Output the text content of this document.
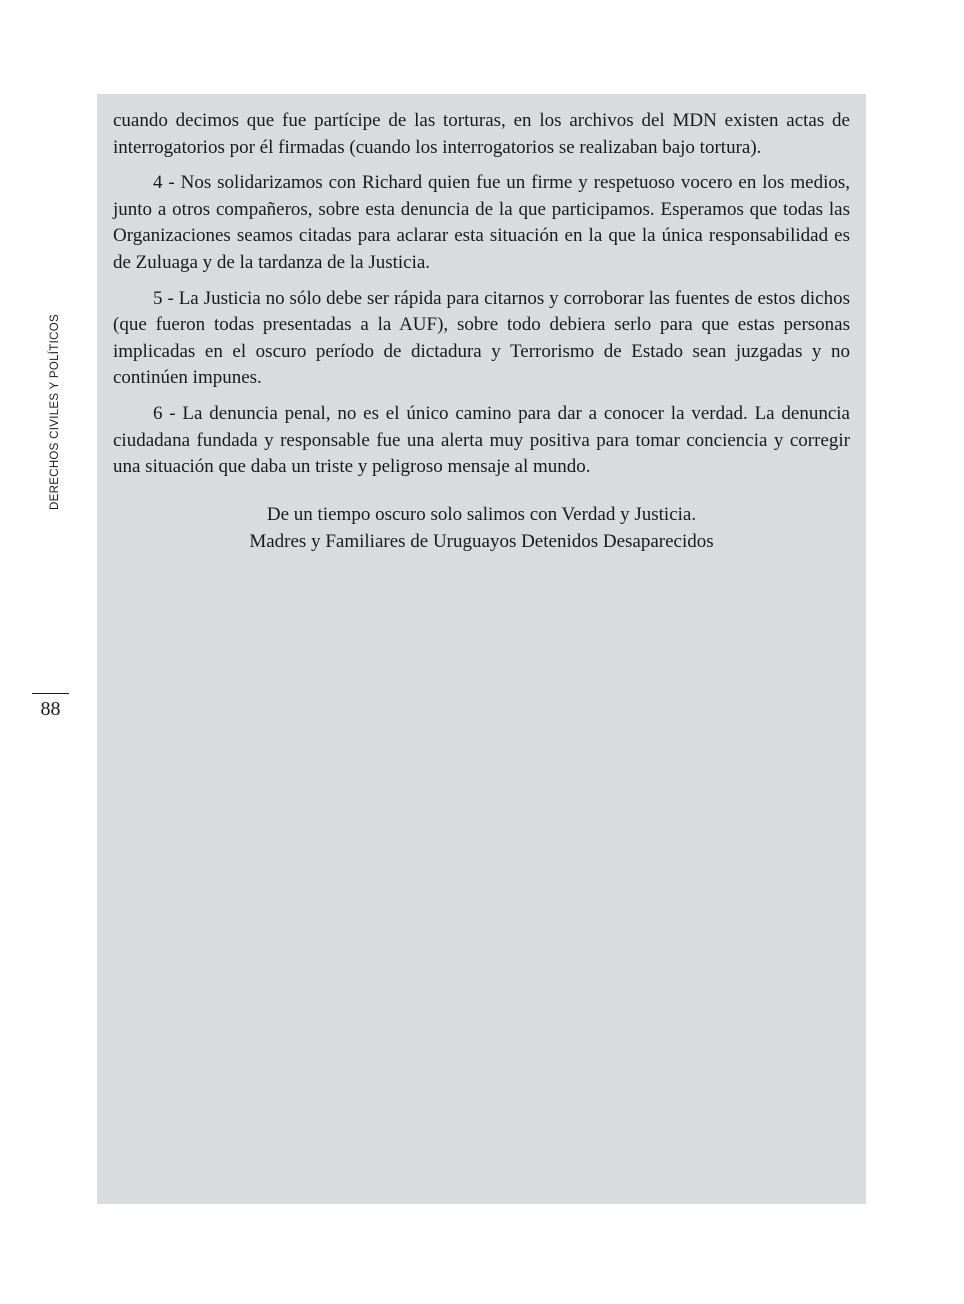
DERECHOS CIVILES Y POLÍTICOS
88

cuando decimos que fue partícipe de las torturas, en los archivos del MDN existen actas de interrogatorios por él firmadas (cuando los interrogatorios se realizaban bajo tortura).

4 - Nos solidarizamos con Richard quien fue un firme y respetuoso vocero en los medios, junto a otros compañeros, sobre esta denuncia de la que participamos. Esperamos que todas las Organizaciones seamos citadas para aclarar esta situación en la que la única responsabilidad es de Zuluaga y de la tardanza de la Justicia.

5 - La Justicia no sólo debe ser rápida para citarnos y corroborar las fuentes de estos dichos (que fueron todas presentadas a la AUF), sobre todo debiera serlo para que estas personas implicadas en el oscuro período de dictadura y Terrorismo de Estado sean juzgadas y no continúen impunes.

6 - La denuncia penal, no es el único camino para dar a conocer la verdad. La denuncia ciudadana fundada y responsable fue una alerta muy positiva para tomar conciencia y corregir una situación que daba un triste y peligroso mensaje al mundo.

De un tiempo oscuro solo salimos con Verdad y Justicia.
Madres y Familiares de Uruguayos Detenidos Desaparecidos
